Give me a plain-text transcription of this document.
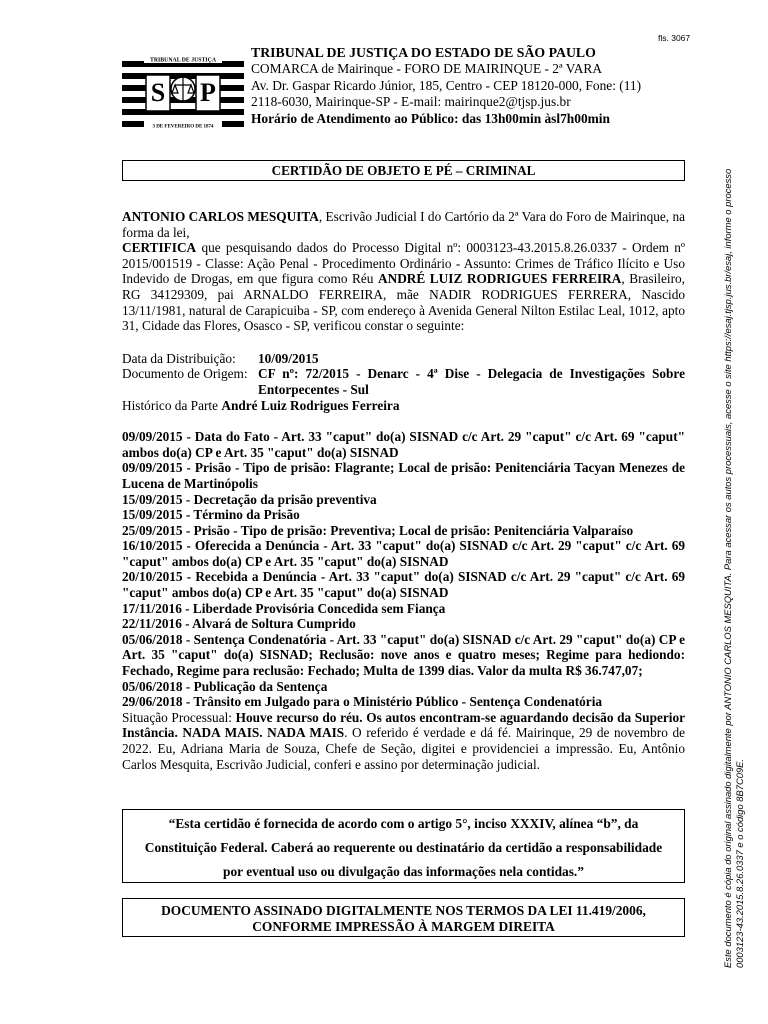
fls. 3067
TRIBUNAL DE JUSTIÇA
S P
3 DE FEVEREIRO DE 1874
TRIBUNAL DE JUSTIÇA DO ESTADO DE SÃO PAULO
COMARCA de Mairinque - FORO DE MAIRINQUE - 2ª VARA
Av. Dr. Gaspar Ricardo Júnior, 185, Centro - CEP 18120-000, Fone: (11)
2118-6030, Mairinque-SP - E-mail: mairinque2@tjsp.jus.br
Horário de Atendimento ao Público: das 13h00min àsl7h00min
CERTIDÃO DE OBJETO E PÉ – CRIMINAL

ANTONIO CARLOS MESQUITA, Escrivão Judicial I do Cartório da 2ª Vara do Foro de Mairinque, na forma da lei,

CERTIFICA que pesquisando dados do Processo Digital nº: 0003123-43.2015.8.26.0337 - Ordem nº 2015/001519 - Classe: Ação Penal - Procedimento Ordinário - Assunto: Crimes de Tráfico Ilícito e Uso Indevido de Drogas, em que figura como Réu ANDRÉ LUIZ RODRIGUES FERREIRA, Brasileiro, RG 34129309, pai ARNALDO FERREIRA, mãe NADIR RODRIGUES FERRERA, Nascido 13/11/1981, natural de Carapicuiba - SP, com endereço à Avenida General Nilton Estilac Leal, 1012, apto 31, Cidade das Flores, Osasco - SP, verificou constar o seguinte:

Data da Distribuição:	10/09/2015
Documento de Origem: CF nº: 72/2015 - Denarc - 4ª Dise - Delegacia de Investigações Sobre Entorpecentes - Sul
Histórico da Parte André Luiz Rodrigues Ferreira
09/09/2015 - Data do Fato - Art. 33 "caput" do(a) SISNAD c/c Art. 29 "caput" c/c Art. 69 "caput" ambos do(a) CP e Art. 35 "caput" do(a) SISNAD
09/09/2015 - Prisão - Tipo de prisão: Flagrante; Local de prisão: Penitenciária Tacyan Menezes de Lucena de Martinópolis
15/09/2015 - Decretação da prisão preventiva
15/09/2015 - Término da Prisão
25/09/2015 - Prisão - Tipo de prisão: Preventiva; Local de prisão: Penitenciária Valparaíso
16/10/2015 - Oferecida a Denúncia - Art. 33 "caput" do(a) SISNAD c/c Art. 29 "caput" c/c Art. 69 "caput" ambos do(a) CP e Art. 35 "caput" do(a) SISNAD
20/10/2015 - Recebida a Denúncia - Art. 33 "caput" do(a) SISNAD c/c Art. 29 "caput" c/c Art. 69 "caput" ambos do(a) CP e Art. 35 "caput" do(a) SISNAD
17/11/2016 - Liberdade Provisória Concedida sem Fiança
22/11/2016 - Alvará de Soltura Cumprido
05/06/2018 - Sentença Condenatória - Art. 33 "caput" do(a) SISNAD c/c Art. 29 "caput" do(a) CP e Art. 35 "caput" do(a) SISNAD; Reclusão: nove anos e quatro meses; Regime para hediondo: Fechado, Regime para reclusão: Fechado; Multa de 1399 dias. Valor da multa R$ 36.747,07;
05/06/2018 - Publicação da Sentença
29/06/2018 - Trânsito em Julgado para o Ministério Público - Sentença Condenatória

Situação Processual: Houve recurso do réu. Os autos encontram-se aguardando decisão da Superior Instância. NADA MAIS. NADA MAIS. O referido é verdade e dá fé. Mairinque, 29 de novembro de 2022. Eu, Adriana Maria de Souza, Chefe de Seção, digitei e providenciei a impressão. Eu, Antônio Carlos Mesquita, Escrivão Judicial, conferi e assino por determinação judicial.

“Esta certidão é fornecida de acordo com o artigo 5°, inciso XXXIV, alínea “b”, da
Constituição Federal. Caberá ao requerente ou destinatário da certidão a responsabilidade
por eventual uso ou divulgação das informações nela contidas.”
DOCUMENTO ASSINADO DIGITALMENTE NOS TERMOS DA LEI 11.419/2006,
CONFORME IMPRESSÃO À MARGEM DIREITA	Este documento é cópia do original assinado digitalmente por ANTONIO CARLOS MESQUITA. Para acessar os autos processuais, acesse o site https://esaj.tjsp.jus.br/esaj, informe o processo 0003123-43.2015.8.26.0337 e o código 8B7C09E.
